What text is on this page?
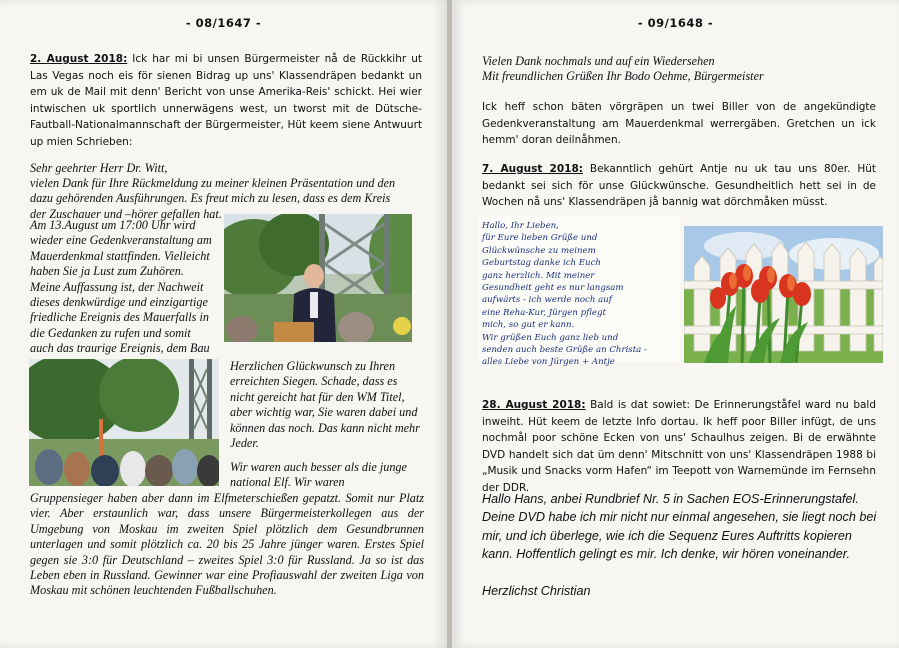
- 08/1647 -
2. August 2018: Ick har mi bi unsen Bürgermeister nå de Rückkihr ut Las Vegas noch eis för sienen Bidrag up uns' Klassendräpen bedankt un em uk de Mail mit denn' Bericht von unse Amerika-Reis' schickt. Hei wier intwischen uk sportlich unnerwägens west, un tworst mit de Dütsche-Fautball-Nationalmannschaft der Bürgermeister, Hüt keem siene Antwuurt up mien Schrieben:
Sehr geehrter Herr Dr. Witt,
vielen Dank für Ihre Rückmeldung zu meiner kleinen Präsentation und den dazu gehörenden Ausführungen. Es freut mich zu lesen, dass es dem Kreis der Zuschauer und –hörer gefallen hat.
Am 13.August um 17:00 Uhr wird
wieder eine Gedenkveranstaltung am
Mauerdenkmal stattfinden. Vielleicht
haben Sie ja Lust zum Zuhören.
Meine Auffassung ist, der Nachweit
dieses denkwürdige und einzigartige
friedliche Ereignis des Mauerfalls in
die Gedanken zu rufen und somit
auch das traurige Ereignis, dem Bau
Herzlichen Glückwunsch zu Ihren
erreichten Siegen. Schade, dass es
nicht gereicht hat für den WM Titel,
aber wichtig war, Sie waren dabei und
können das noch. Das kann nicht mehr
Jeder.
Wir waren auch besser als die junge
national Elf. Wir waren
Gruppensieger haben aber dann im Elfmeterschießen gepatzt. Somit nur Platz vier. Aber erstaunlich war, dass unsere Bürgermeisterkollegen aus der Umgebung von Moskau im zweiten Spiel plötzlich dem Gesundbrunnen unterlagen und somit plötzlich ca. 20 bis 25 Jahre jünger waren. Erstes Spiel gegen sie 3:0 für Deutschland – zweites Spiel 3:0 für Russland. Ja so ist das Leben eben in Russland. Gewinner war eine Profiauswahl der zweiten Liga von Moskau mit schönen leuchtenden Fußballschuhen.
- 09/1648 -
Vielen Dank nochmals und auf ein Wiedersehen
Mit freundlichen Grüßen Ihr Bodo Oehme, Bürgermeister
Ick heff schon bäten vörgräpen un twei Biller von de angekündigte Gedenkveranstaltung am Mauerdenkmal werrergäben. Gretchen un ick hemm' doran deilnåhmen.
7. August 2018: Bekanntlich gehürt Antje nu uk tau uns 80er. Hüt bedankt sei sich för unse Glückwünsche. Gesundheitlich hett sei in de Wochen nå uns' Klassendräpen jå bannig wat dörchmåken müsst.
Hallo, Ihr Lieben,
für Eure lieben Grüße und
Glückwünsche zu meinem
Geburtstag danke ich Euch
ganz herzlich. Mit meiner
Gesundheit geht es nur langsam
aufwärts - ich werde noch auf
eine Reha-Kur, Jürgen pflegt
mich, so gut er kann.
Wir grüßen Euch ganz lieb und
senden auch beste Grüße an Christa -
alles Liebe von Jürgen + Antje
28. August 2018: Bald is dat sowiet: De Erinnerungståfel ward nu bald inweiht. Hüt keem de letzte Info dortau. Ik heff poor Biller infügt, de uns nochmål poor schöne Ecken von uns' Schaulhus zeigen. Bi de erwähnte DVD handelt sich dat üm denn' Mitschnitt von uns' Klassendräpen 1988 bi „Musik und Snacks vorm Hafen“ im Teepott von Warnemünde im Fernsehn der DDR.
Hallo Hans, anbei Rundbrief Nr. 5 in Sachen EOS-Erinnerungstafel. Deine DVD habe ich mir nicht nur einmal angesehen, sie liegt noch bei mir, und ich überlege, wie ich die Sequenz Eures Auftritts kopieren kann. Hoffentlich gelingt es mir. Ich denke, wir hören voneinander.
Herzlichst Christian
